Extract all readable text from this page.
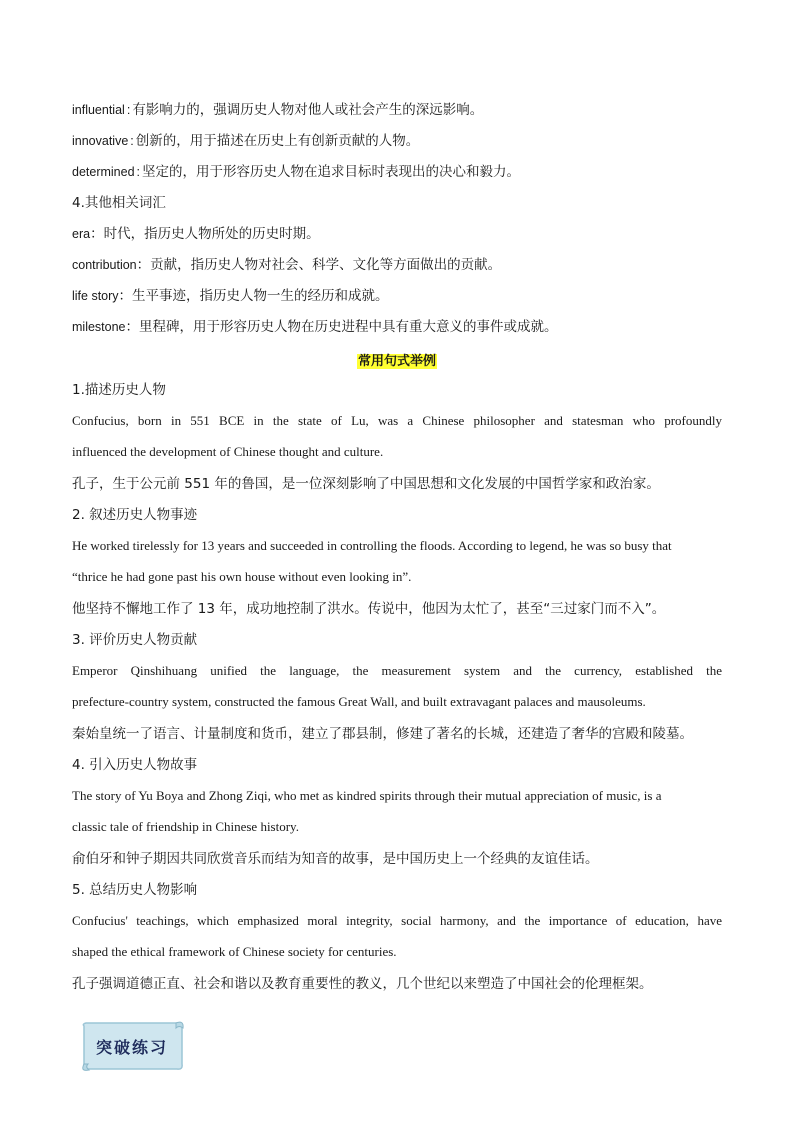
influential : 有影响力的，强调历史人物对他人或社会产生的深远影响。
innovative : 创新的，用于描述在历史上有创新贡献的人物。
determined : 坚定的，用于形容历史人物在追求目标时表现出的决心和毅力。
4.其他相关词汇
era：时代，指历史人物所处的历史时期。
contribution：贡献，指历史人物对社会、科学、文化等方面做出的贡献。
life story：生平事迹，指历史人物一生的经历和成就。
milestone：里程碑，用于形容历史人物在历史进程中具有重大意义的事件或成就。
常用句式举例
1.描述历史人物
Confucius, born in 551 BCE in the state of Lu, was a Chinese philosopher and statesman who profoundly
influenced the development of Chinese thought and culture.
孔子，生于公元前 551 年的鲁国，是一位深刻影响了中国思想和文化发展的中国哲学家和政治家。
2. 叙述历史人物事迹
He worked tirelessly for 13 years and succeeded in controlling the floods. According to legend, he was so busy that
“thrice he had gone past his own house without even looking in”.
他坚持不懈地工作了 13 年，成功地控制了洪水。传说中，他因为太忙了，甚至“三过家门而不入”。
3. 评价历史人物贡献
Emperor Qinshihuang unified the language, the measurement system and the currency, established the
prefecture-country system, constructed the famous Great Wall, and built extravagant palaces and mausoleums.
秦始皇统一了语言、计量制度和货币，建立了郡县制，修建了著名的长城，还建造了奢华的宫殿和陵墓。
4. 引入历史人物故事
The story of Yu Boya and Zhong Ziqi, who met as kindred spirits through their mutual appreciation of music, is a
classic tale of friendship in Chinese history.
俞伯牙和钟子期因共同欣赏音乐而结为知音的故事，是中国历史上一个经典的友谊佳话。
5. 总结历史人物影响
Confucius' teachings, which emphasized moral integrity, social harmony, and the importance of education, have
shaped the ethical framework of Chinese society for centuries.
孔子强调道德正直、社会和谐以及教育重要性的教义，几个世纪以来塑造了中国社会的伦理框架。
突破练习
